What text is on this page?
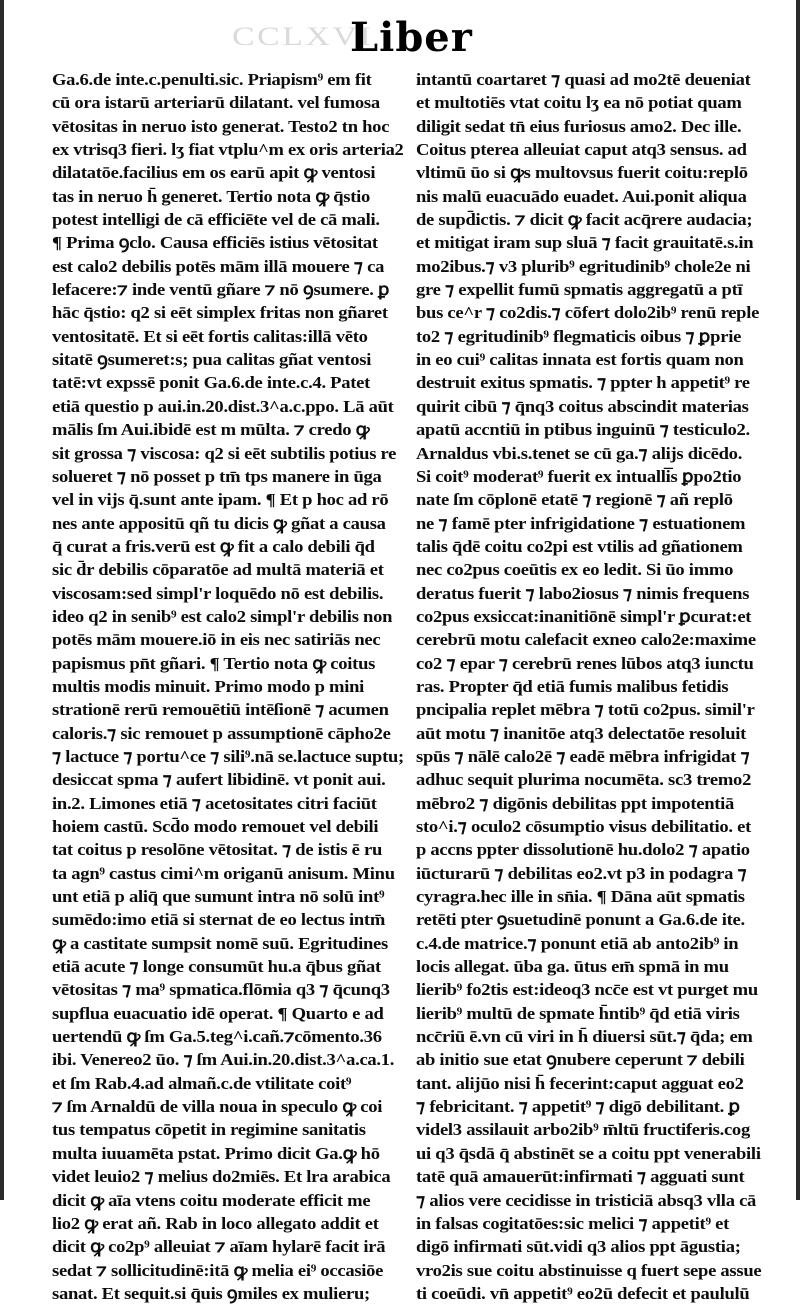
CCLXVI
Liber
Ga.6.de inte.c.penulti.sic. Priapism⁹ em fit
cū ora istarū arteriarū dilatant. vel fumosa
vētositas in neruo isto generat. Testo2 tn hoc
ex vtrisq3 fieri. lʒ fiat vtplu^m ex oris arteria2
dilatatōe.facilius em os earū apit ꝙ ventosi
tas in neruo h̄ generet. Tertio nota ꝙ q̄stio
potest intelligi de cā efficiēte vel de cā mali.
¶ Prima ꝯclo. Causa efficiēs istius vētositat
est calo2 debilis potēs mām illā mouere ⁊ ca
lefacere:⁊ inde ventū gñare ⁊ nō ꝯsumere. ꝑ
hāc q̄stio: q2 si eēt simplex fritas non gñaret
ventositatē. Et si eēt fortis calitas:illā vēto
sitatē ꝯsumeret:s; pua calitas gñat ventosi
tatē:vt expssē ponit Ga.6.de inte.c.4. Patet
etiā questio p aui.in.20.dist.3^a.c.ppo. Lā aūt
mālis ſm Aui.ibidē est m mūlta. ⁊ credo ꝙ
sit grossa ⁊ viscosa: q2 si eēt subtilis potius re
solueret ⁊ nō posset p tm̄ tps manere in ūga
vel in vijs q̄.sunt ante ipam. ¶ Et p hoc ad rō
nes ante appositū qñ tu dicis ꝙ gñat a causa
q̄ curat a fris.verū est ꝙ fit a calo debili q̄d
sic d̄r debilis cōparatōe ad multā materiā et
viscosam:sed simpl'r loquēdo nō est debilis.
ideo q2 in senib⁹ est calo2 simpl'r debilis non
potēs mām mouere.iō in eis nec satiriās nec
papismus pn̄t gñari. ¶ Tertio nota ꝙ coitus
multis modis minuit. Primo modo p mini
strationē rerū remouētiū intēſionē ⁊ acumen
caloris.⁊ sic remouet p assumptionē cāpho2e
⁊ lactuce ⁊ portu^ce ⁊ sili⁹.nā se.lactuce suptu;
desiccat spma ⁊ aufert libidinē. vt ponit aui.
in.2. Limones etiā ⁊ acetositates citri faciūt
hoiem castū. Scd̄o modo remouet vel debili
tat coitus p resolōne vētositat. ⁊ de istis ē ru
ta agn⁹ castus cimi^m origanū anisum. Minu
unt etiā p aliq̄ que sumunt intra nō solū int⁹
sumēdo:imo etiā si sternat de eo lectus intm̄
ꝙ a castitate sumpsit nomē suū. Egritudines
etiā acute ⁊ longe consumūt hu.a q̄bus gñat
vētositas ⁊ ma⁹ spmatica.flōmia q3 ⁊ q̄cunq3
supflua euacuatio idē operat. ¶ Quarto e ad
uertendū ꝙ ſm Ga.5.teg^i.cañ.⁊cōmento.36
ibi. Venereo2 ūo. ⁊ ſm Aui.in.20.dist.3^a.ca.1.
et ſm Rab.4.ad almañ.c.de vtilitate coit⁹
⁊ ſm Arnaldū de villa noua in speculo ꝙ coi
tus tempatus cōpetit in regimine sanitatis
multa iuuamēta pstat. Primo dicit Ga.ꝙ hō
videt leuio2 ⁊ melius do2miēs. Et lra arabica
dicit ꝙ aīa vtens coitu moderate efficit me
lio2 ꝙ erat añ. Rab in loco allegato addit et
dicit ꝙ co2p⁹ alleuiat ⁊ aīam hylarē facit irā
sedat ⁊ sollicitudinē:itā ꝙ melia ei⁹ occasiōe
sanat. Et sequit.si q̄uis ꝯmiles ex mulieru;
intantū coartaret ⁊ quasi ad mo2tē deueniat
et multotiēs vtat coitu lʒ ea nō potiat quam
diligit sedat tn̄ eius furiosus amo2. Dec ille.
Coitus pterea alleuiat caput atq3 sensus. ad
vltimū ūo si ꝙs multovsus fuerit coitu:replō
nis malū euacuādo euadet. Aui.ponit aliqua
de supd̄ictis. ⁊ dicit ꝙ facit acq̄rere audacia;
et mitigat iram sup sluā ⁊ facit grauitatē.s.in
mo2ibus.⁊ v3 plurib⁹ egritudinib⁹ chole2e ni
gre ⁊ expellit fumū spmatis aggregatū a ptī
bus ce^r ⁊ co2dis.⁊ cōfert dolo2ib⁹ renū reple
to2 ⁊ egritudinib⁹ flegmaticis oibus ⁊ ꝑprie
in eo cui⁹ calitas innata est fortis quam non
destruit exitus spmatis. ⁊ ppter h appetit⁹ re
quirit cibū ⁊ q̄nq3 coitus abscindit materias
apatū accntiū in ptibus inguinū ⁊ testiculo2.
Arnaldus vbi.s.tenet se cū ga.⁊ alijs dicēdo.
Si coit⁹ moderat⁹ fuerit ex intualli̅s ꝑpo2tio
nate ſm cōplonē etatē ⁊ regionē ⁊ añ replō
ne ⁊ famē pter infrigidatione ⁊ estuationem
talis q̄dē coitu co2pi est vtilis ad gñationem
nec co2pus coeūtis ex eo ledit. Si ūo immo
deratus fuerit ⁊ labo2iosus ⁊ nimis frequens
co2pus exsiccat:inanitiōnē simpl'r ꝑcurat:et
cerebrū motu calefacit exneo calo2e:maxime
co2 ⁊ epar ⁊ cerebrū renes lūbos atq3 iunctu
ras. Propter q̄d etiā fumis malibus fetidis
pncipalia replet mēbra ⁊ totū co2pus. simil'r
aūt motu ⁊ inanitōe atq3 delectatōe resoluit
spūs ⁊ nālē calo2ē ⁊ eadē mēbra infrigidat ⁊
adhuc sequit plurima nocumēta. sc3 tremo2
mēbro2 ⁊ digōnis debilitas ppt impotentiā
sto^i.⁊ oculo2 cōsumptio visus debilitatio. et
p accns ppter dissolutionē hu.dolo2 ⁊ apatio
iūcturarū ⁊ debilitas eo2.vt p3 in podagra ⁊
cyragra.hec ille in sn̄ia. ¶ Dāna aūt spmatis
retēti pter ꝯsuetudinē ponunt a Ga.6.de ite.
c.4.de matrice.⁊ ponunt etiā ab anto2ib⁹ in
locis allegat. ūba ga. ūtus em̄ spmā in mu
lierib⁹ fo2tis est:ideoq3 ncc̄e est vt purget mu
lierib⁹ multū de spmate h̄ntib⁹ q̄d etiā viris
ncc̄riū ē.vn cū viri in h̄ diuersi sūt.⁊ q̄da; em
ab initio sue etat ꝯnubere ceperunt ⁊ debili
tant. alijūo nisi h̄ fecerint:caput agguat eo2
⁊ febricitant. ⁊ appetit⁹ ⁊ digō debilitant. ꝑ
videl3 assilauit arbo2ib⁹ m̄ltū fructiferis.cog
ui q3 q̄sdā q̄ abstinēt se a coitu ppt venerabili
tatē quā amauerūt:infirmati ⁊ agguati sunt
⁊ alios vere cecidisse in tristiciā absq3 vlla cā
in falsas cogitatōes:sic melici ⁊ appetit⁹ et
digō infirmati sūt.vidi q3 alios ppt āgustia;
vro2is sue coitu abstinuisse q fuert sepe assue
ti coeūdi. vn̄ appetit⁹ eo2ū defecit et paululū
